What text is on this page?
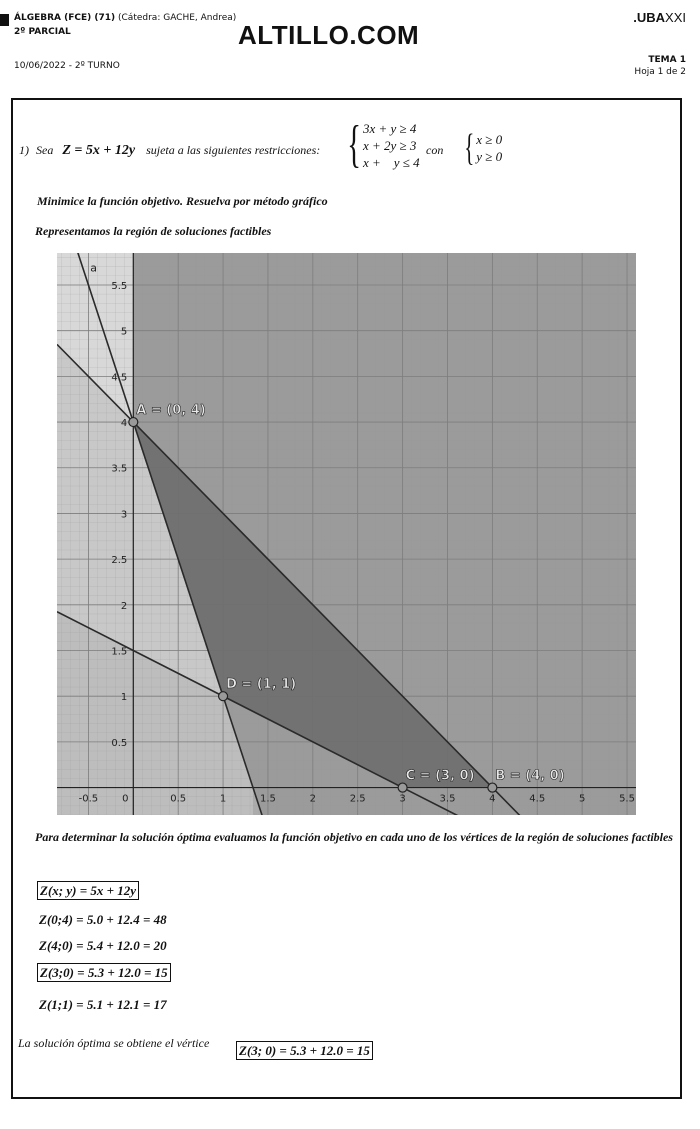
ÁLGEBRA (FCE) (71) (Cátedra: GACHE, Andrea)
2º PARCIAL
10/06/2022 - 2º TURNO
ALTILLO.COM
.UBAXXI
TEMA 1
Hoja 1 de 2
1) Sea Z = 5x + 12y sujeta a las siguientes restricciones: { 3x + y ≥ 4
x + 2y ≥ 3
x +    y ≤ 4
con { x ≥ 0
y ≥ 0
Minimice la función objetivo. Resuelva por método gráfico
Representamos la región de soluciones factibles
-0.5 0	0.5	1	1.5	2	2.5	3	3.5	4	4.5	5	5.5
0.5
1
1.5
2
2.5
3
3.5
4
4.5
5
5.5
a
A = (0, 4)
D = (1, 1)
C = (3, 0) B = (4, 0)
Para determinar la solución óptima evaluamos la función objetivo en cada uno de los vértices de la región de soluciones factibles
Z(x; y) = 5x + 12y
Z(0;4) = 5.0 + 12.4 = 48
Z(4;0) = 5.4 + 12.0 = 20
Z(3;0) = 5.3 + 12.0 = 15
Z(1;1) = 5.1 + 12.1 = 17
La solución óptima se obtiene el vértice Z(3; 0) = 5.3 + 12.0 = 15
